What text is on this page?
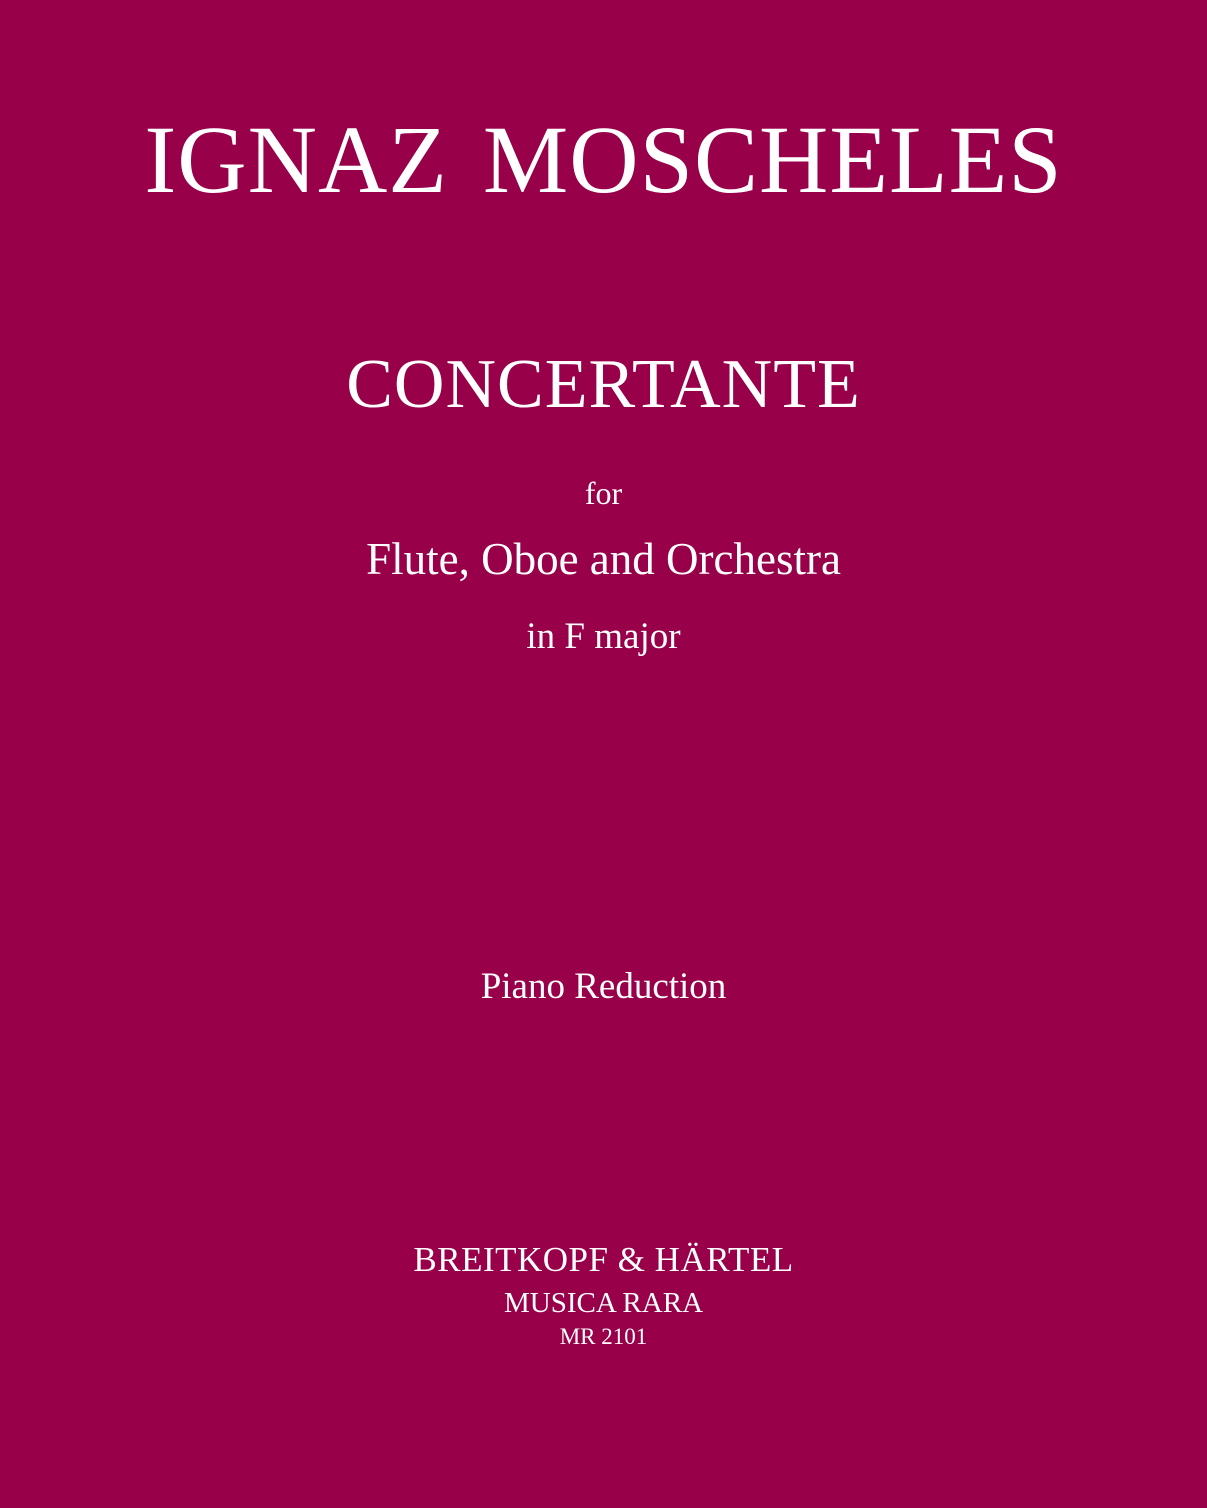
IGNAZ MOSCHELES
CONCERTANTE
for
Flute, Oboe and Orchestra
in F major
Piano Reduction
BREITKOPF & HÄRTEL
MUSICA RARA
MR 2101
